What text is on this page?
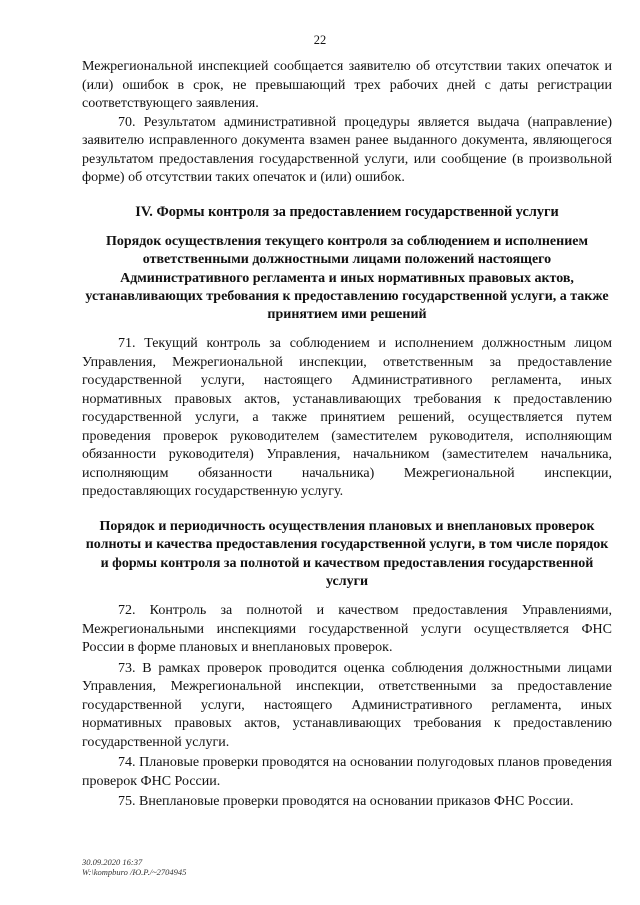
22

Межрегиональной инспекцией сообщается заявителю об отсутствии таких опечаток и (или) ошибок в срок, не превышающий трех рабочих дней с даты регистрации соответствующего заявления.

70. Результатом административной процедуры является выдача (направление) заявителю исправленного документа взамен ранее выданного документа, являющегося результатом предоставления государственной услуги, или сообщение (в произвольной форме) об отсутствии таких опечаток и (или) ошибок.

IV. Формы контроля за предоставлением государственной услуги
Порядок осуществления текущего контроля за соблюдением и исполнением ответственными должностными лицами положений настоящего Административного регламента и иных нормативных правовых актов, устанавливающих требования к предоставлению государственной услуги, а также принятием ими решений

71. Текущий контроль за соблюдением и исполнением должностным лицом Управления, Межрегиональной инспекции, ответственным за предоставление государственной услуги, настоящего Административного регламента, иных нормативных правовых актов, устанавливающих требования к предоставлению государственной услуги, а также принятием решений, осуществляется путем проведения проверок руководителем (заместителем руководителя, исполняющим обязанности руководителя) Управления, начальником (заместителем начальника, исполняющим обязанности начальника) Межрегиональной инспекции, предоставляющих государственную услугу.

Порядок и периодичность осуществления плановых и внеплановых проверок полноты и качества предоставления государственной услуги, в том числе порядок и формы контроля за полнотой и качеством предоставления государственной услуги

72. Контроль за полнотой и качеством предоставления Управлениями, Межрегиональными инспекциями государственной услуги осуществляется ФНС России в форме плановых и внеплановых проверок.

73. В рамках проверок проводится оценка соблюдения должностными лицами Управления, Межрегиональной инспекции, ответственными за предоставление государственной услуги, настоящего Административного регламента, иных нормативных правовых актов, устанавливающих требования к предоставлению государственной услуги.

74. Плановые проверки проводятся на основании полугодовых планов проведения проверок ФНС России.

75. Внеплановые проверки проводятся на основании приказов ФНС России.

30.09.2020 16:37
W:\kompburo /Ю.Р./~2704945
